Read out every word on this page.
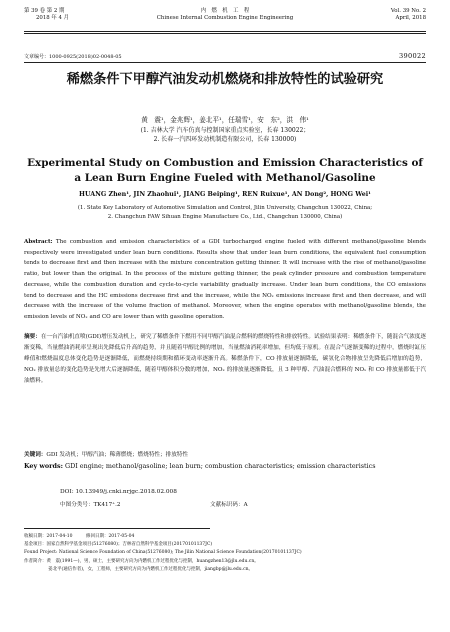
第 39 卷 第 2 期
2018 年 4 月
内　燃　机　工　程
Chinese Internal Combustion Engine Engineering
Vol. 39 No. 2
April, 2018
文章编号：1000-0925(2018)02-0048-05	390022
稀燃条件下甲醇汽油发动机燃烧和排放特性的试验研究
黄　震¹，金兆辉¹，姜北平¹，任瑞雪¹，安　东²，洪　伟¹
(1. 吉林大学 汽车仿真与控制国家重点实验室，长春 130022；
2. 长春一汽四环发动机制造有限公司，长春 130000)
Experimental Study on Combustion and Emission Characteristics of
a Lean Burn Engine Fueled with Methanol/Gasoline
HUANG Zhen¹, JIN Zhaohui¹, JIANG Beiping¹, REN Ruixue¹, AN Dong², HONG Wei¹
(1. State Key Laboratory of Automotive Simulation and Control, Jilin University, Changchun 130022, China;
2. Changchun FAW Sihuan Engine Manufacture Co., Ltd., Changchun 130000, China)
Abstract: The combustion and emission characteristics of a GDI turbocharged engine fueled with different methanol/gasoline blends respectively were investigated under lean burn conditions. Results show that under lean burn conditions, the equivalent fuel consumption tends to decrease first and then increase with the mixture concentration getting thinner. It will increase with the rise of methanol/gasoline ratio, but lower than the original. In the process of the mixture getting thinner, the peak cylinder pressure and combustion temperature decrease, while the combustion duration and cycle-to-cycle variability gradually increase. Under lean burn conditions, the CO emissions tend to decrease and the HC emissions decrease first and the increase, while the NOₓ emissions increase first and then decrease, and will decrease with the increase of the volume fraction of methanol. Moreover, when the engine operates with methanol/gasoline blends, the emission levels of NOₓ and CO are lower than with gasoline operation.
摘要：在一台汽油机直喷(GDI)增压发动机上，研究了稀燃条件下燃用不同甲醇汽油混合燃料的燃烧特性和排放特性。试验结果表明：稀燃条件下，随混合气浓度逐渐变稀，当量燃油消耗率呈现出先降低后升高的趋势，并且随着甲醇比例的增加，当量燃油消耗率增加，但均低于原机。在混合气逐渐变稀的过程中，燃烧时缸压峰值和燃烧温度总体变化趋势是逐渐降低，而燃烧持续期和循环变动率逐渐升高。稀燃条件下，CO 排放量逐渐降低，碳氢化合物排放呈先降低后增加的趋势，NOₓ 排放量总的变化趋势是先增大后逐渐降低，随着甲醇体积分数的增加，NOₓ 的排放量逐渐降低，且 3 种甲醇、汽油混合燃料的 NOₓ 和 CO 排放量都低于汽油燃料。
关键词：GDI 发动机；甲醇汽油；稀薄燃烧；燃烧特性；排放特性
Key words: GDI engine; methanol/gasoline; lean burn; combustion characteristics; emission characteristics
DOI: 10.13949/j.cnki.nrjgc.2018.02.008
中图分类号：TK417⁺.2	文献标识码：A
收稿日期：2017-04-10　　　修回日期：2017-05-04
基金项目：国家自然科学基金项目(51276080)；吉林省自然科学基金项目(20170101137JC)
Found Project: National Science Foundation of China(51276080); The Jilin National Science Foundation(20170101137JC)
作者简介：黄　震(1991—)，男，硕士，主要研究方向为内燃机工作过程优化与控制，huangzhen13@jlu.edu.cn。
姜北平(通信作者)，女，工程师，主要研究方向为内燃机工作过程优化与控制，jiangbp@jlu.edu.cn。
